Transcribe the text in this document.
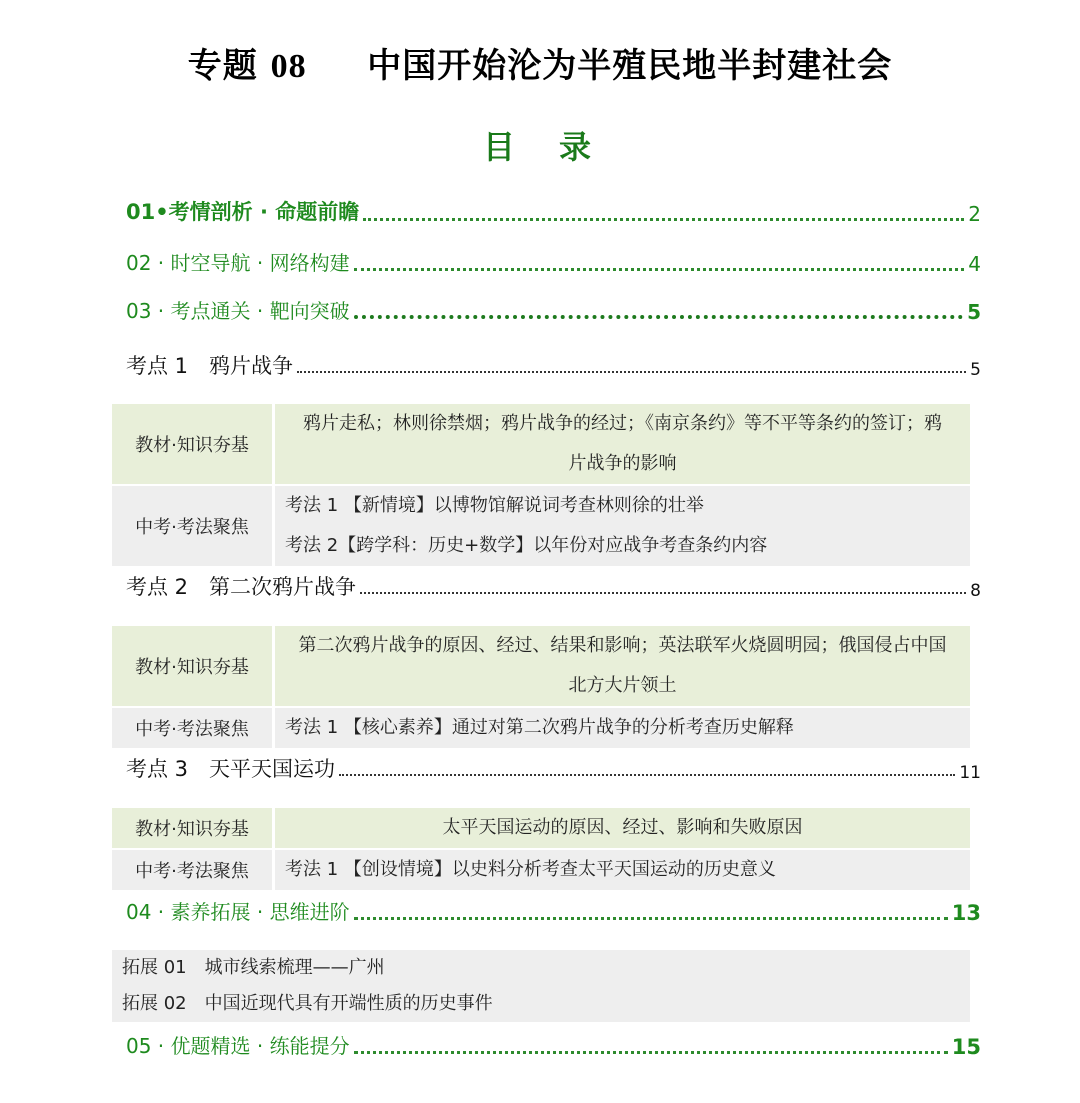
专题 08 　 中国开始沦为半殖民地半封建社会
目　录
01•考情剖析 · 命题前瞻	2
02 · 时空导航 · 网络构建	4
03 · 考点通关 · 靶向突破	5
考点 1　鸦片战争	5
教材·知识夯基	鸦片走私；林则徐禁烟；鸦片战争的经过；《南京条约》等不平等条约的签订；鸦
片战争的影响

中考·考法聚焦	考法 1 【新情境】以博物馆解说词考查林则徐的壮举
考法 2【跨学科：历史+数学】以年份对应战争考查条约内容
考点 2　第二次鸦片战争	8
教材·知识夯基	第二次鸦片战争的原因、经过、结果和影响；英法联军火烧圆明园；俄国侵占中国
北方大片领土

中考·考法聚焦	考法 1 【核心素养】通过对第二次鸦片战争的分析考查历史解释
考点 3　天平天国运功	11
教材·知识夯基	太平天国运动的原因、经过、影响和失败原因

中考·考法聚焦	考法 1 【创设情境】以史料分析考查太平天国运动的历史意义
04 · 素养拓展 · 思维进阶	13
拓展 01　城市线索梳理——广州
拓展 02　中国近现代具有开端性质的历史事件
05 · 优题精选 · 练能提分	15
